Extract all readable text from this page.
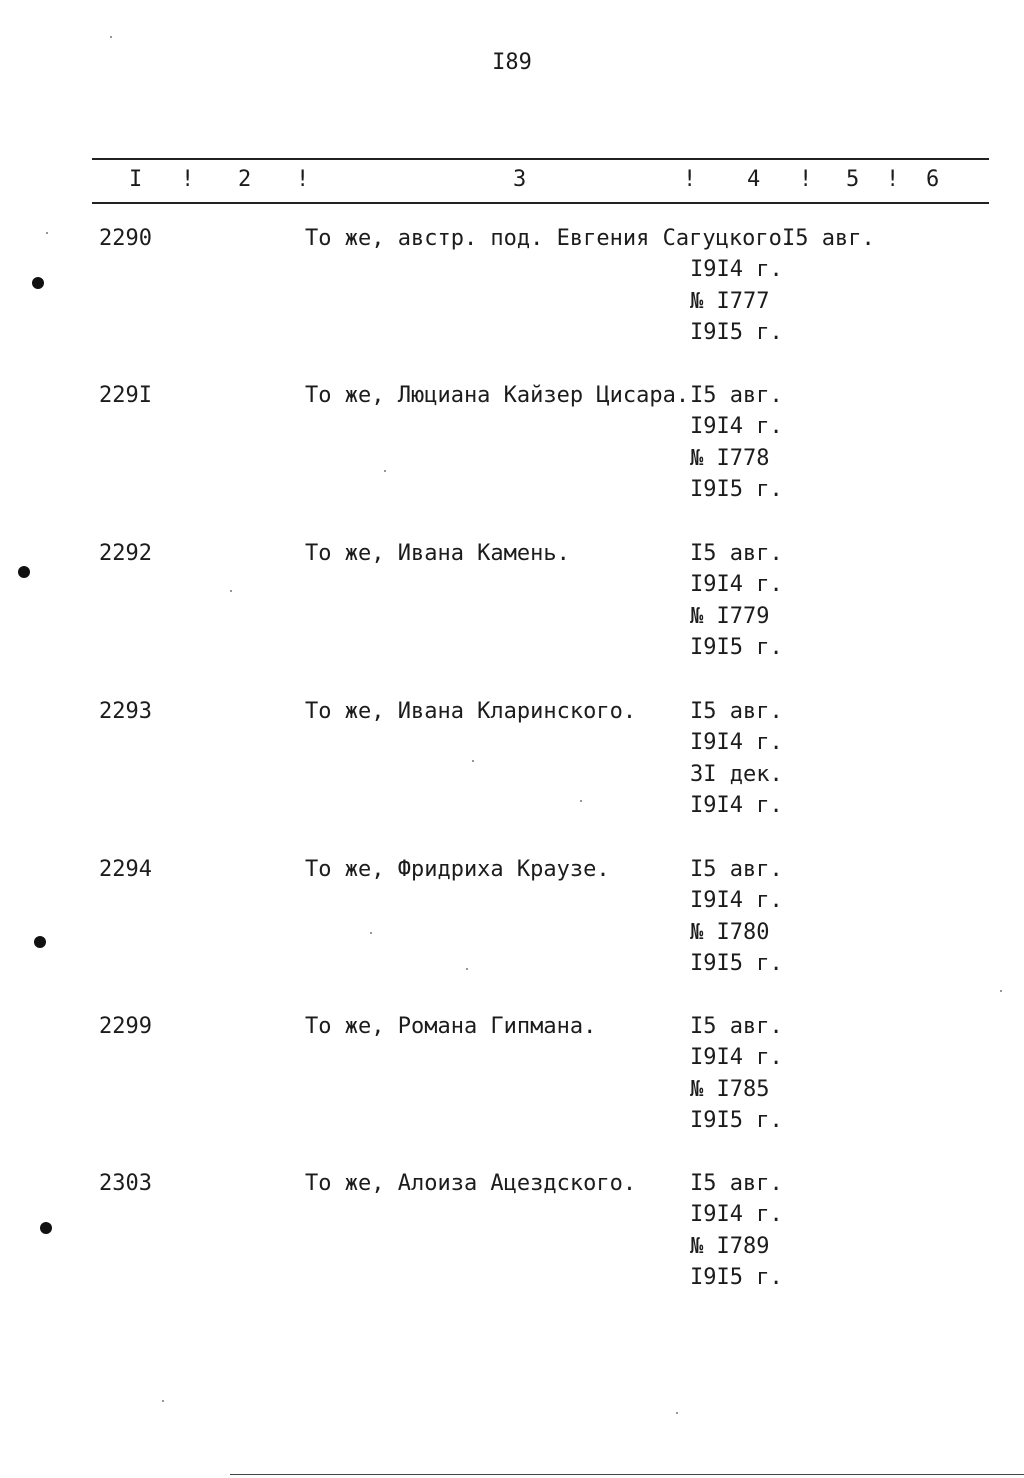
I89
I ! 2 !	3	! 4 ! 5 ! 6
2290	То же, австр. под. Евгения Сагуцкого.
I5 авг.
I9I4 г.
№ I777
I9I5 г.
229I	То же, Люциана Кайзер Цисара. I5 авг.
I9I4 г.
№ I778
I9I5 г.
2292	То же, Ивана Камень.	I5 авг.
I9I4 г.
№ I779
I9I5 г.
2293	То же, Ивана Кларинского. I5 авг.
I9I4 г.
3I дек.
I9I4 г.
2294	То же, Фридриха Краузе.	I5 авг.
I9I4 г.
№ I780
I9I5 г.
2299	То же, Романа Гипмана.	I5 авг.
I9I4 г.
№ I785
I9I5 г.
2303	То же, Алоиза Ацездского. I5 авг.
I9I4 г.
№ I789
I9I5 г.
